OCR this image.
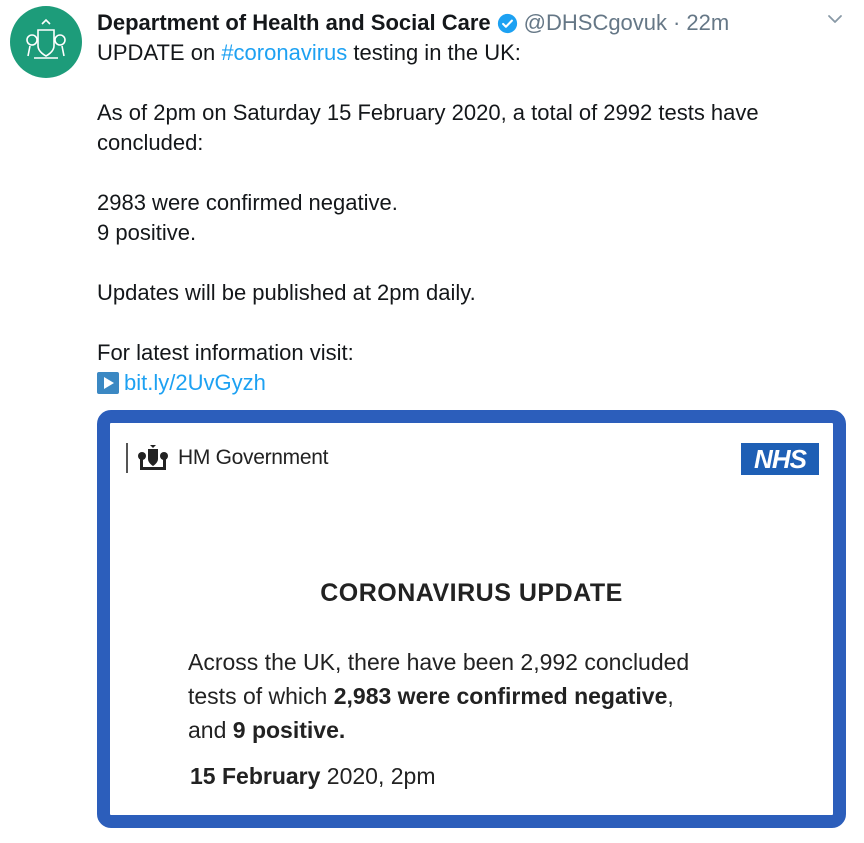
Department of Health and Social Care @DHSCgovuk · 22m

UPDATE on #coronavirus testing in the UK:

As of 2pm on Saturday 15 February 2020, a total of 2992 tests have concluded:

2983 were confirmed negative.

9 positive.

Updates will be published at 2pm daily.

For latest information visit:

bit.ly/2UvGyzh

HM Government	NHS
CORONAVIRUS UPDATE
Across the UK, there have been 2,992 concluded
tests of which 2,983 were confirmed negative,
and 9 positive.
15 February 2020, 2pm
